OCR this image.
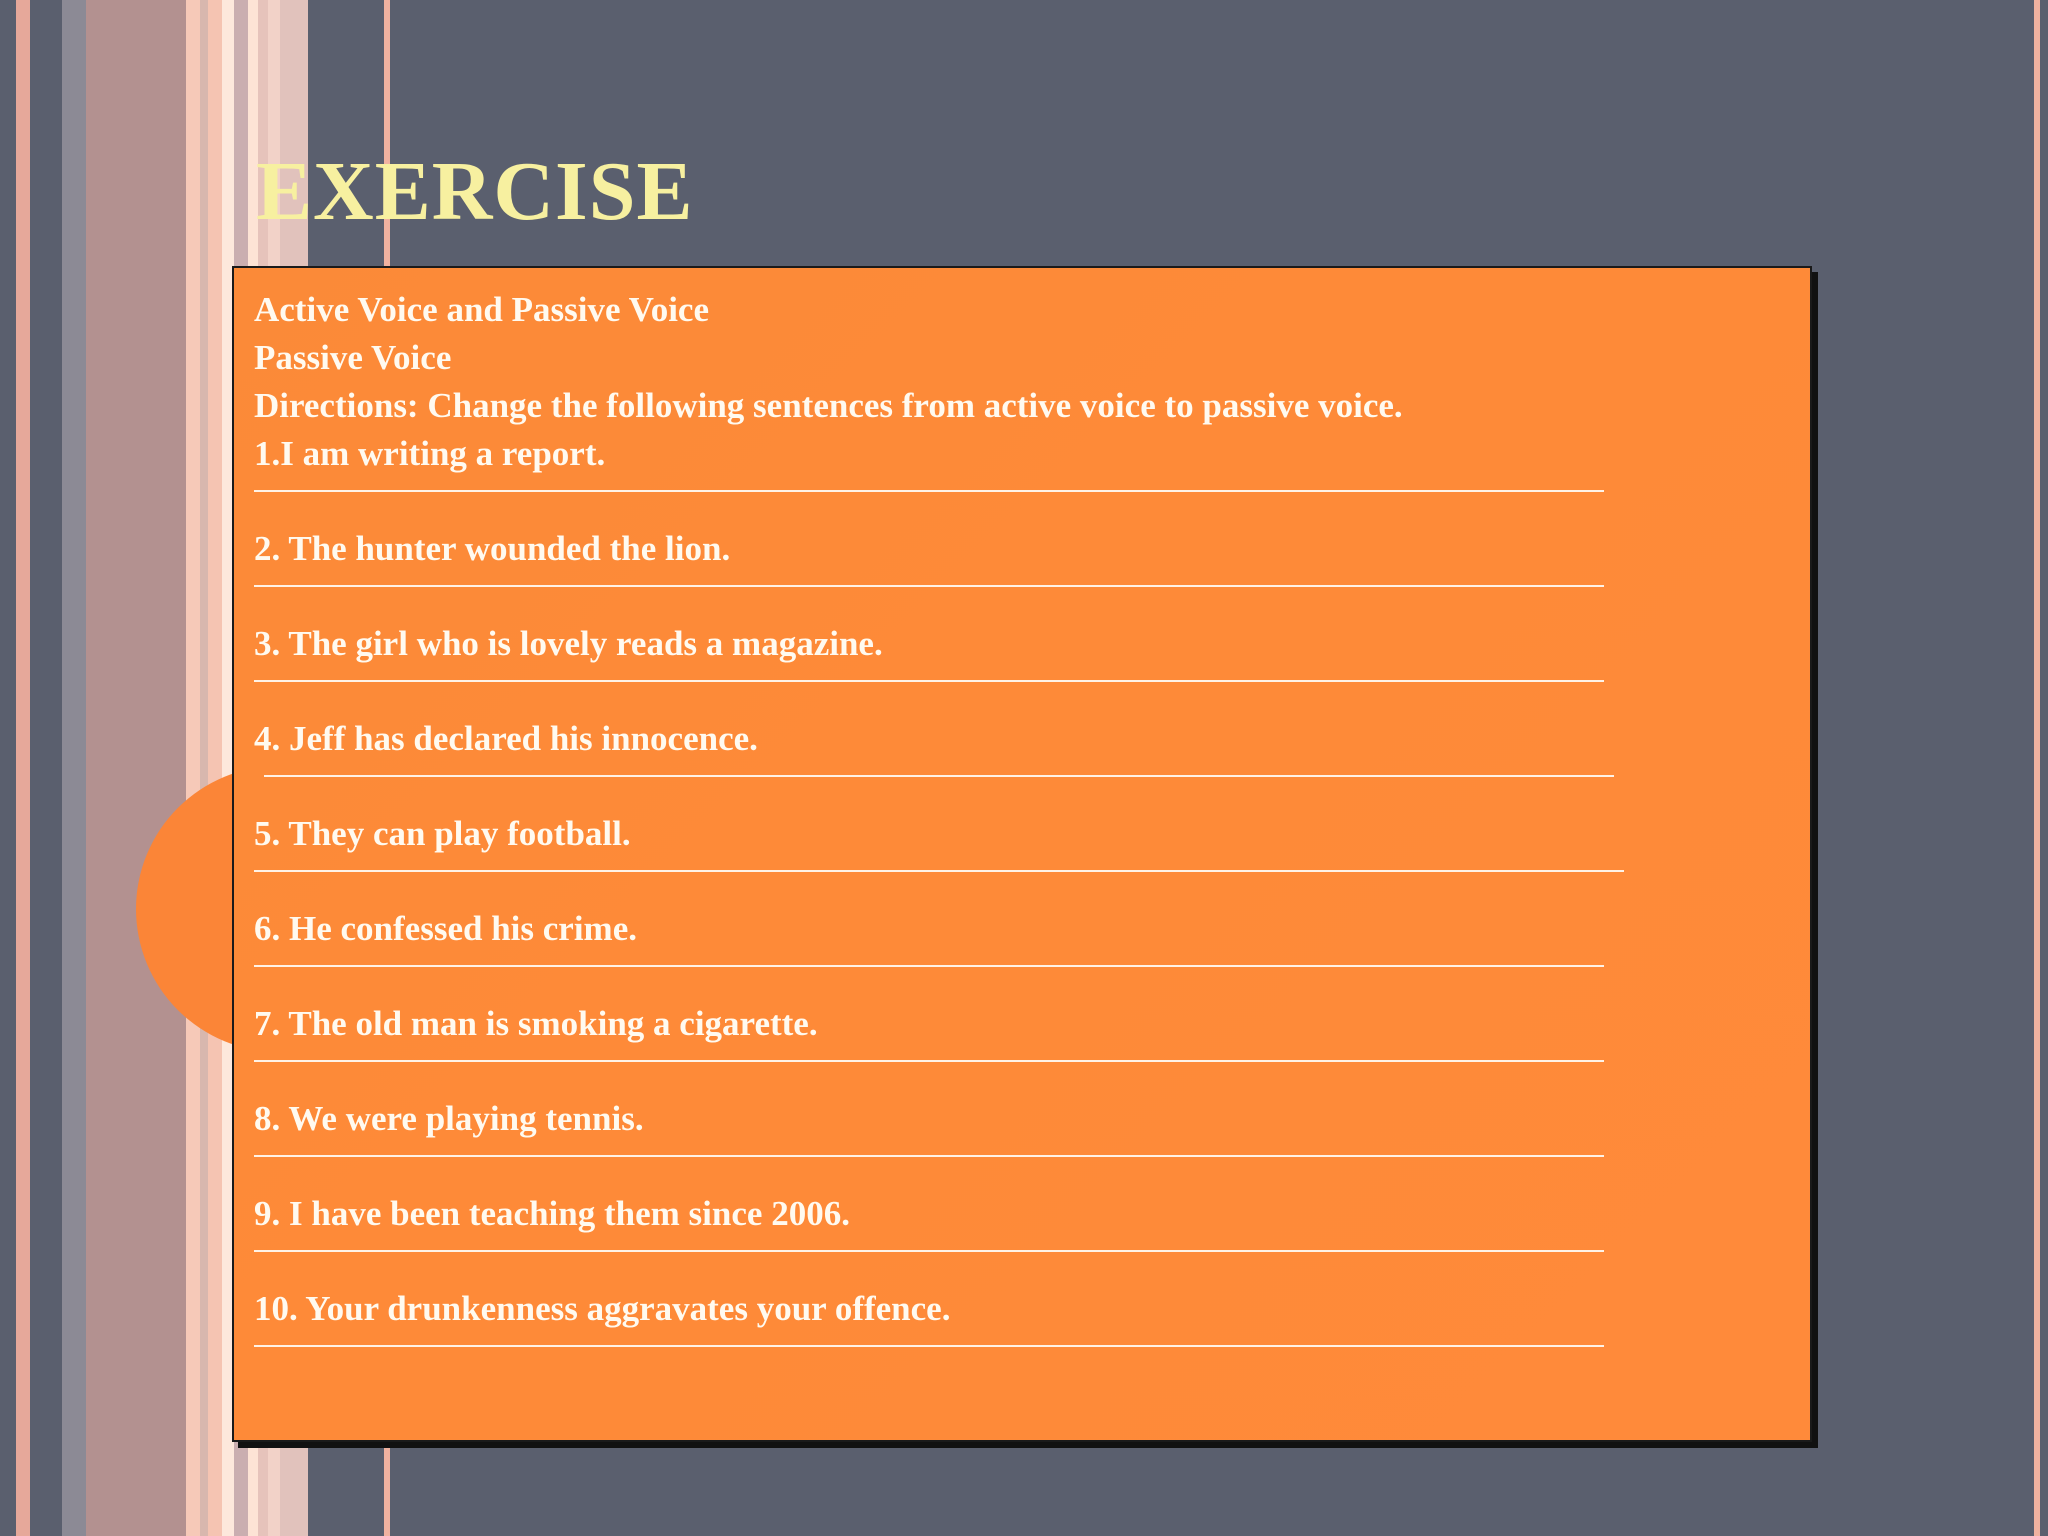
EXERCISE
Active Voice and Passive Voice
Passive Voice
Directions: Change the following sentences from active voice to passive voice.
1.I am writing a report.
2. The hunter wounded the lion.
3. The girl who is lovely reads a magazine.
4. Jeff has declared his innocence.
5. They can play football.
6. He confessed his crime.
7. The old man is smoking a cigarette.
8. We were playing tennis.
9. I have been teaching them since 2006.
10. Your drunkenness aggravates your offence.
